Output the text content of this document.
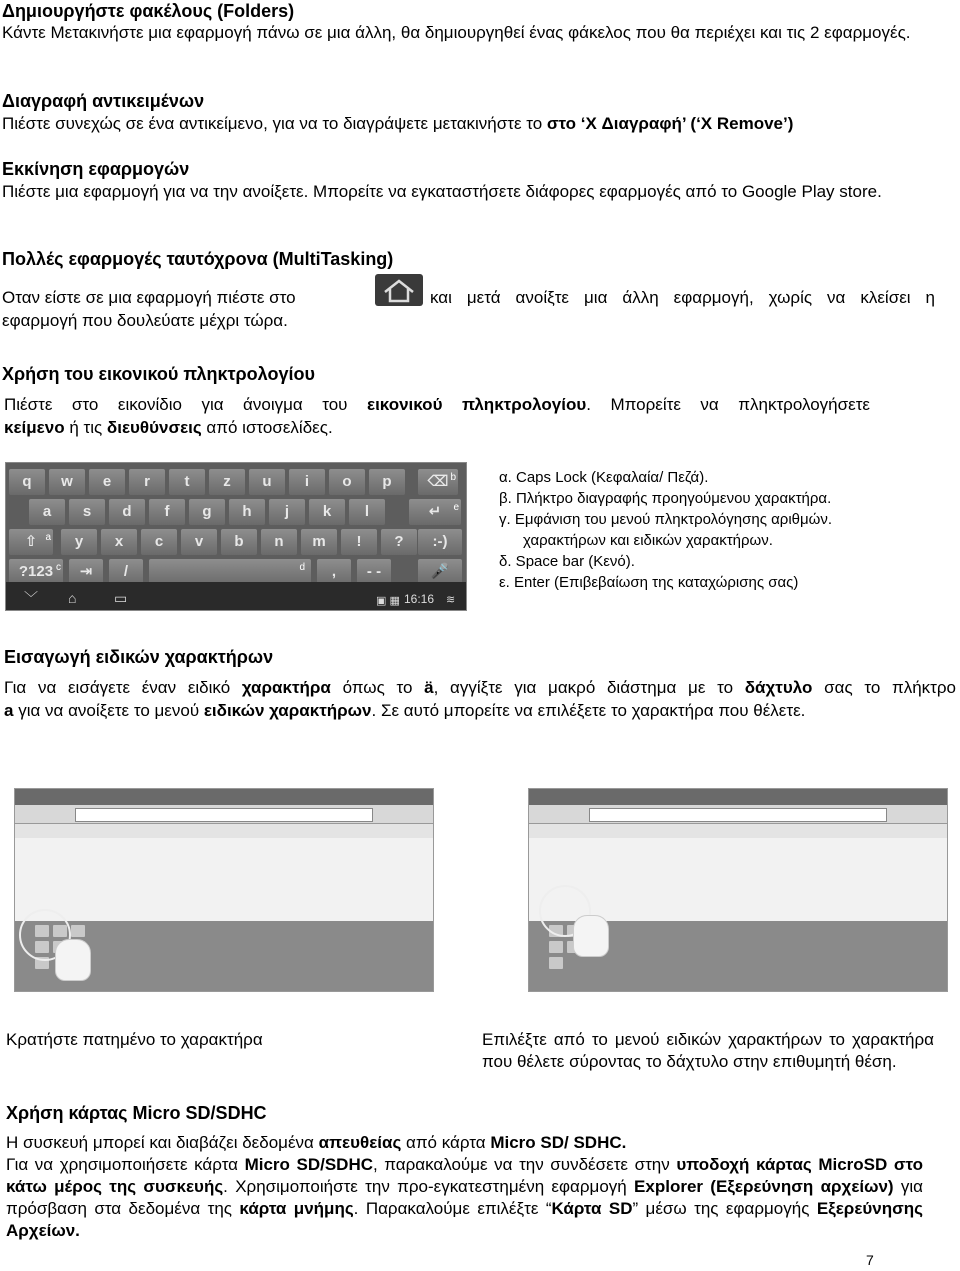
Δημιουργήστε φακέλους (Folders)
Κάντε Μετακινήστε μια εφαρμογή πάνω σε μια άλλη, θα δημιουργηθεί ένας φάκελος που θα περιέχει και τις 2 εφαρμογές.
Διαγραφή αντικειμένων
Πιέστε συνεχώς σε ένα αντικείμενο, για να το διαγράψετε μετακινήστε το στο ‘X Διαγραφή’ (‘X Remove’)
Εκκίνηση εφαρμογών
Πιέστε μια εφαρμογή για να την ανοίξετε. Μπορείτε να εγκαταστήσετε διάφορες εφαρμογές από το Google Play store.
Πολλές εφαρμογές ταυτόχρονα (MultiTasking)
Οταν είστε σε μια εφαρμογή πιέστε στο	και μετά ανοίξτε μια άλλη εφαρμογή, χωρίς να κλείσει η
εφαρμογή που δουλεύατε μέχρι τώρα.
Χρήση του εικονικού πληκτρολογίου
Πιέστε στο εικονίδιο για άνοιγμα του εικονικού πληκτρολογίου. Μπορείτε να πληκτρολογήσετε
κείμενο ή τις διευθύνσεις από ιστοσελίδες.
q	w	e	r	t	z	u	i	o	p
a	s	d	f	g	h	j	k	l
y	x	c	v	b	n	m	!	?
⌫ b
↵ e
⇧ a	:-)
?123 c	⇥	/	d	,	- -	🎤
﹀ ⌂	▭	▣ ▦ 16:16 ≋
α. Caps Lock (Κεφαλαία/ Πεζά).
β. Πλήκτρο διαγραφής προηγούμενου χαρακτήρα.
γ. Εμφάνιση του μενού πληκτρολόγησης αριθμών.
χαρακτήρων και ειδικών χαρακτήρων.
δ. Space bar (Κενό).
ε. Enter (Επιβεβαίωση της καταχώρισης σας)
Εισαγωγή ειδικών χαρακτήρων
Για να εισάγετε έναν ειδικό χαρακτήρα όπως το ä, αγγίξτε για μακρό διάστημα με το δάχτυλο σας το πλήκτρο
a για να ανοίξετε το μενού ειδικών χαρακτήρων. Σε αυτό μπορείτε να επιλέξετε το χαρακτήρα που θέλετε.
Κρατήστε πατημένο το χαρακτήρα	Επιλέξτε από το μενού ειδικών χαρακτήρων το χαρακτήρα που θέλετε σύροντας το δάχτυλο στην επιθυμητή θέση.
Χρήση κάρτας Micro SD/SDHC
Η συσκευή μπορεί και διαβάζει δεδομένα απευθείας από κάρτα Micro SD/ SDHC.
Για να χρησιμοποιήσετε κάρτα Micro SD/SDHC, παρακαλούμε να την συνδέσετε στην υποδοχή κάρτας MicroSD στο κάτω μέρος της συσκευής. Χρησιμοποιήστε την προ-εγκατεστημένη εφαρμογή Explorer (Εξερεύνηση αρχείων) για πρόσβαση στα δεδομένα της κάρτα μνήμης. Παρακαλούμε επιλέξτε “Κάρτα SD” μέσω της εφαρμογής Εξερεύνησης Αρχείων.
7
